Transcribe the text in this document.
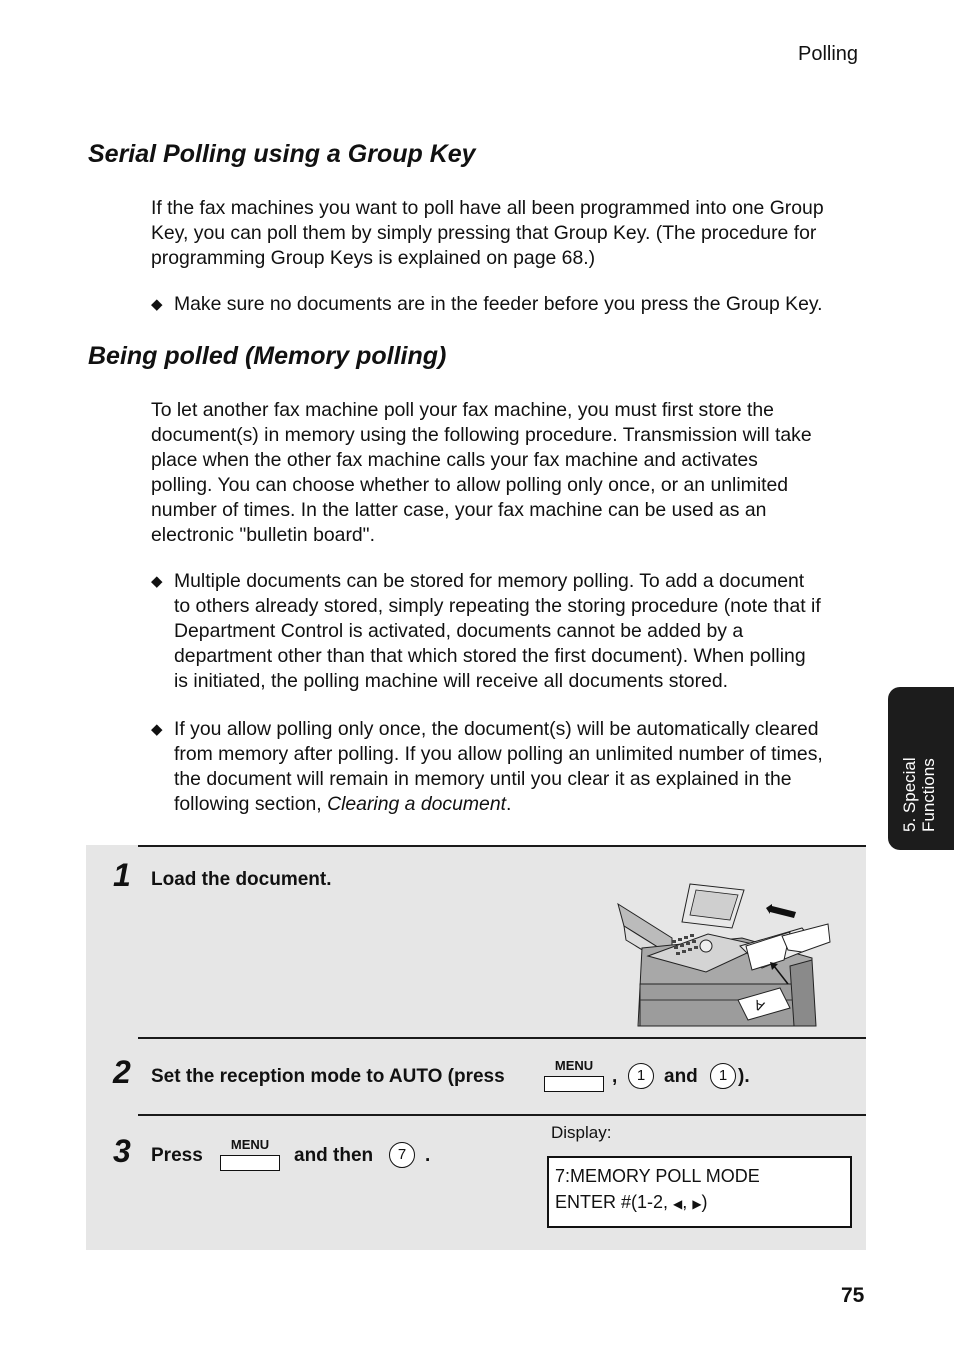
Polling
Serial Polling using a Group Key
If the fax machines you want to poll have all been programmed into one Group
Key, you can poll them by simply pressing that Group Key. (The procedure for
programming Group Keys is explained on page 68.)
◆ Make sure no documents are in the feeder before you press the Group Key.
Being polled (Memory polling)
To let another fax machine poll your fax machine, you must first store the
document(s) in memory using the following procedure. Transmission will take
place when the other fax machine calls your fax machine and activates
polling. You can choose whether to allow polling only once, or an unlimited
number of times. In the latter case, your fax machine can be used as an
electronic "bulletin board".
◆ Multiple documents can be stored for memory polling. To add a document
to others already stored, simply repeating the storing procedure (note that if
Department Control is activated, documents cannot be added by a
department other than that which stored the first document). When polling
is initiated, the polling machine will receive all documents stored.
◆ If you allow polling only once, the document(s) will be automatically cleared
from memory after polling. If you allow polling an unlimited number of times,
the document will remain in memory until you clear it as explained in the
following section, Clearing a document.	5. Special Functions
1 Load the document.
A
2 Set the reception mode to AUTO (press
MENU
,	1 and	1 ).
3 Press
MENU
and then	7 .
Display:
7:MEMORY POLL MODE
ENTER #(1-2, ◀, ▶)
75
